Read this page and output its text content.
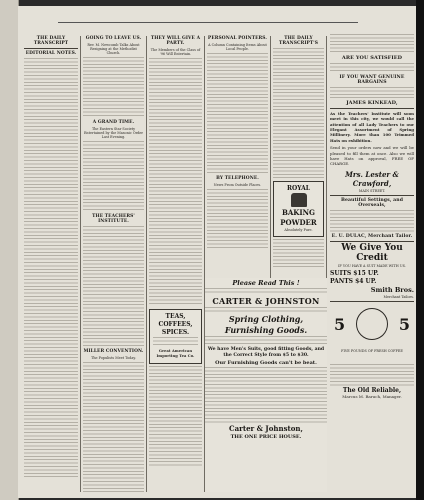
THE DAILY TRANSCRIPT
EDITORIAL NOTES.
GOING TO LEAVE US.
Rev. M. Newcomb Talks About Resigning at the Methodist Church.
A GRAND TIME.
The Eastern Star Society Entertained by the Masonic Order Last Evening.
THE TEACHERS' INSTITUTE.
MILLER CONVENTION.
The Populists Meet Today.
THEY WILL GIVE A PARTY.
The Members of the Class of '96 Will Entertain.
TEAS,
COFFEES,
SPICES.
Great American Importing Tea Co.
PERSONAL POINTERS.
A Column Containing Items About Local People.
BY TELEPHONE.
News From Outside Places.
Please Read This !
CARTER & JOHNSTON
Spring Clothing,
Furnishing Goods.
We have Men's Suits, good fitting Goods, and the Correct Style from $5 to $30.
Our Furnishing Goods can't be beat.
Carter & Johnston,
THE ONE PRICE HOUSE.
THE DAILY TRANSCRIPT'S
ROYAL
BAKING
POWDER
Absolutely Pure.
ARE YOU SATISFIED
IF YOU WANT GENUINE BARGAINS
JAMES KINKEAD,

As the Teachers' Institute will soon meet in this city, we would call the attention of all Lady Teachers to our Elegant Assortment of Spring Millinery. More than 100 Trimmed Hats on exhibition.

Send in your orders now and we will be pleased to fill them at once. Also we will have Hats on approval, FREE OF CHARGE.

Mrs. Lester & Crawford,
MAIN STREET.
Beautiful Settings, and Overseals,
E. U. DULAC, Merchant Tailor.
We Give You Credit
IF YOU HAVE A SUIT MADE WITH US.
SUITS $15 UP.
PANTS $4 UP.
Smith Bros.
Merchant Tailors.
5	5
FIVE POUNDS OF FRESH COFFEE
The Old Reliable,
Marcus M. Baruch, Manager.
